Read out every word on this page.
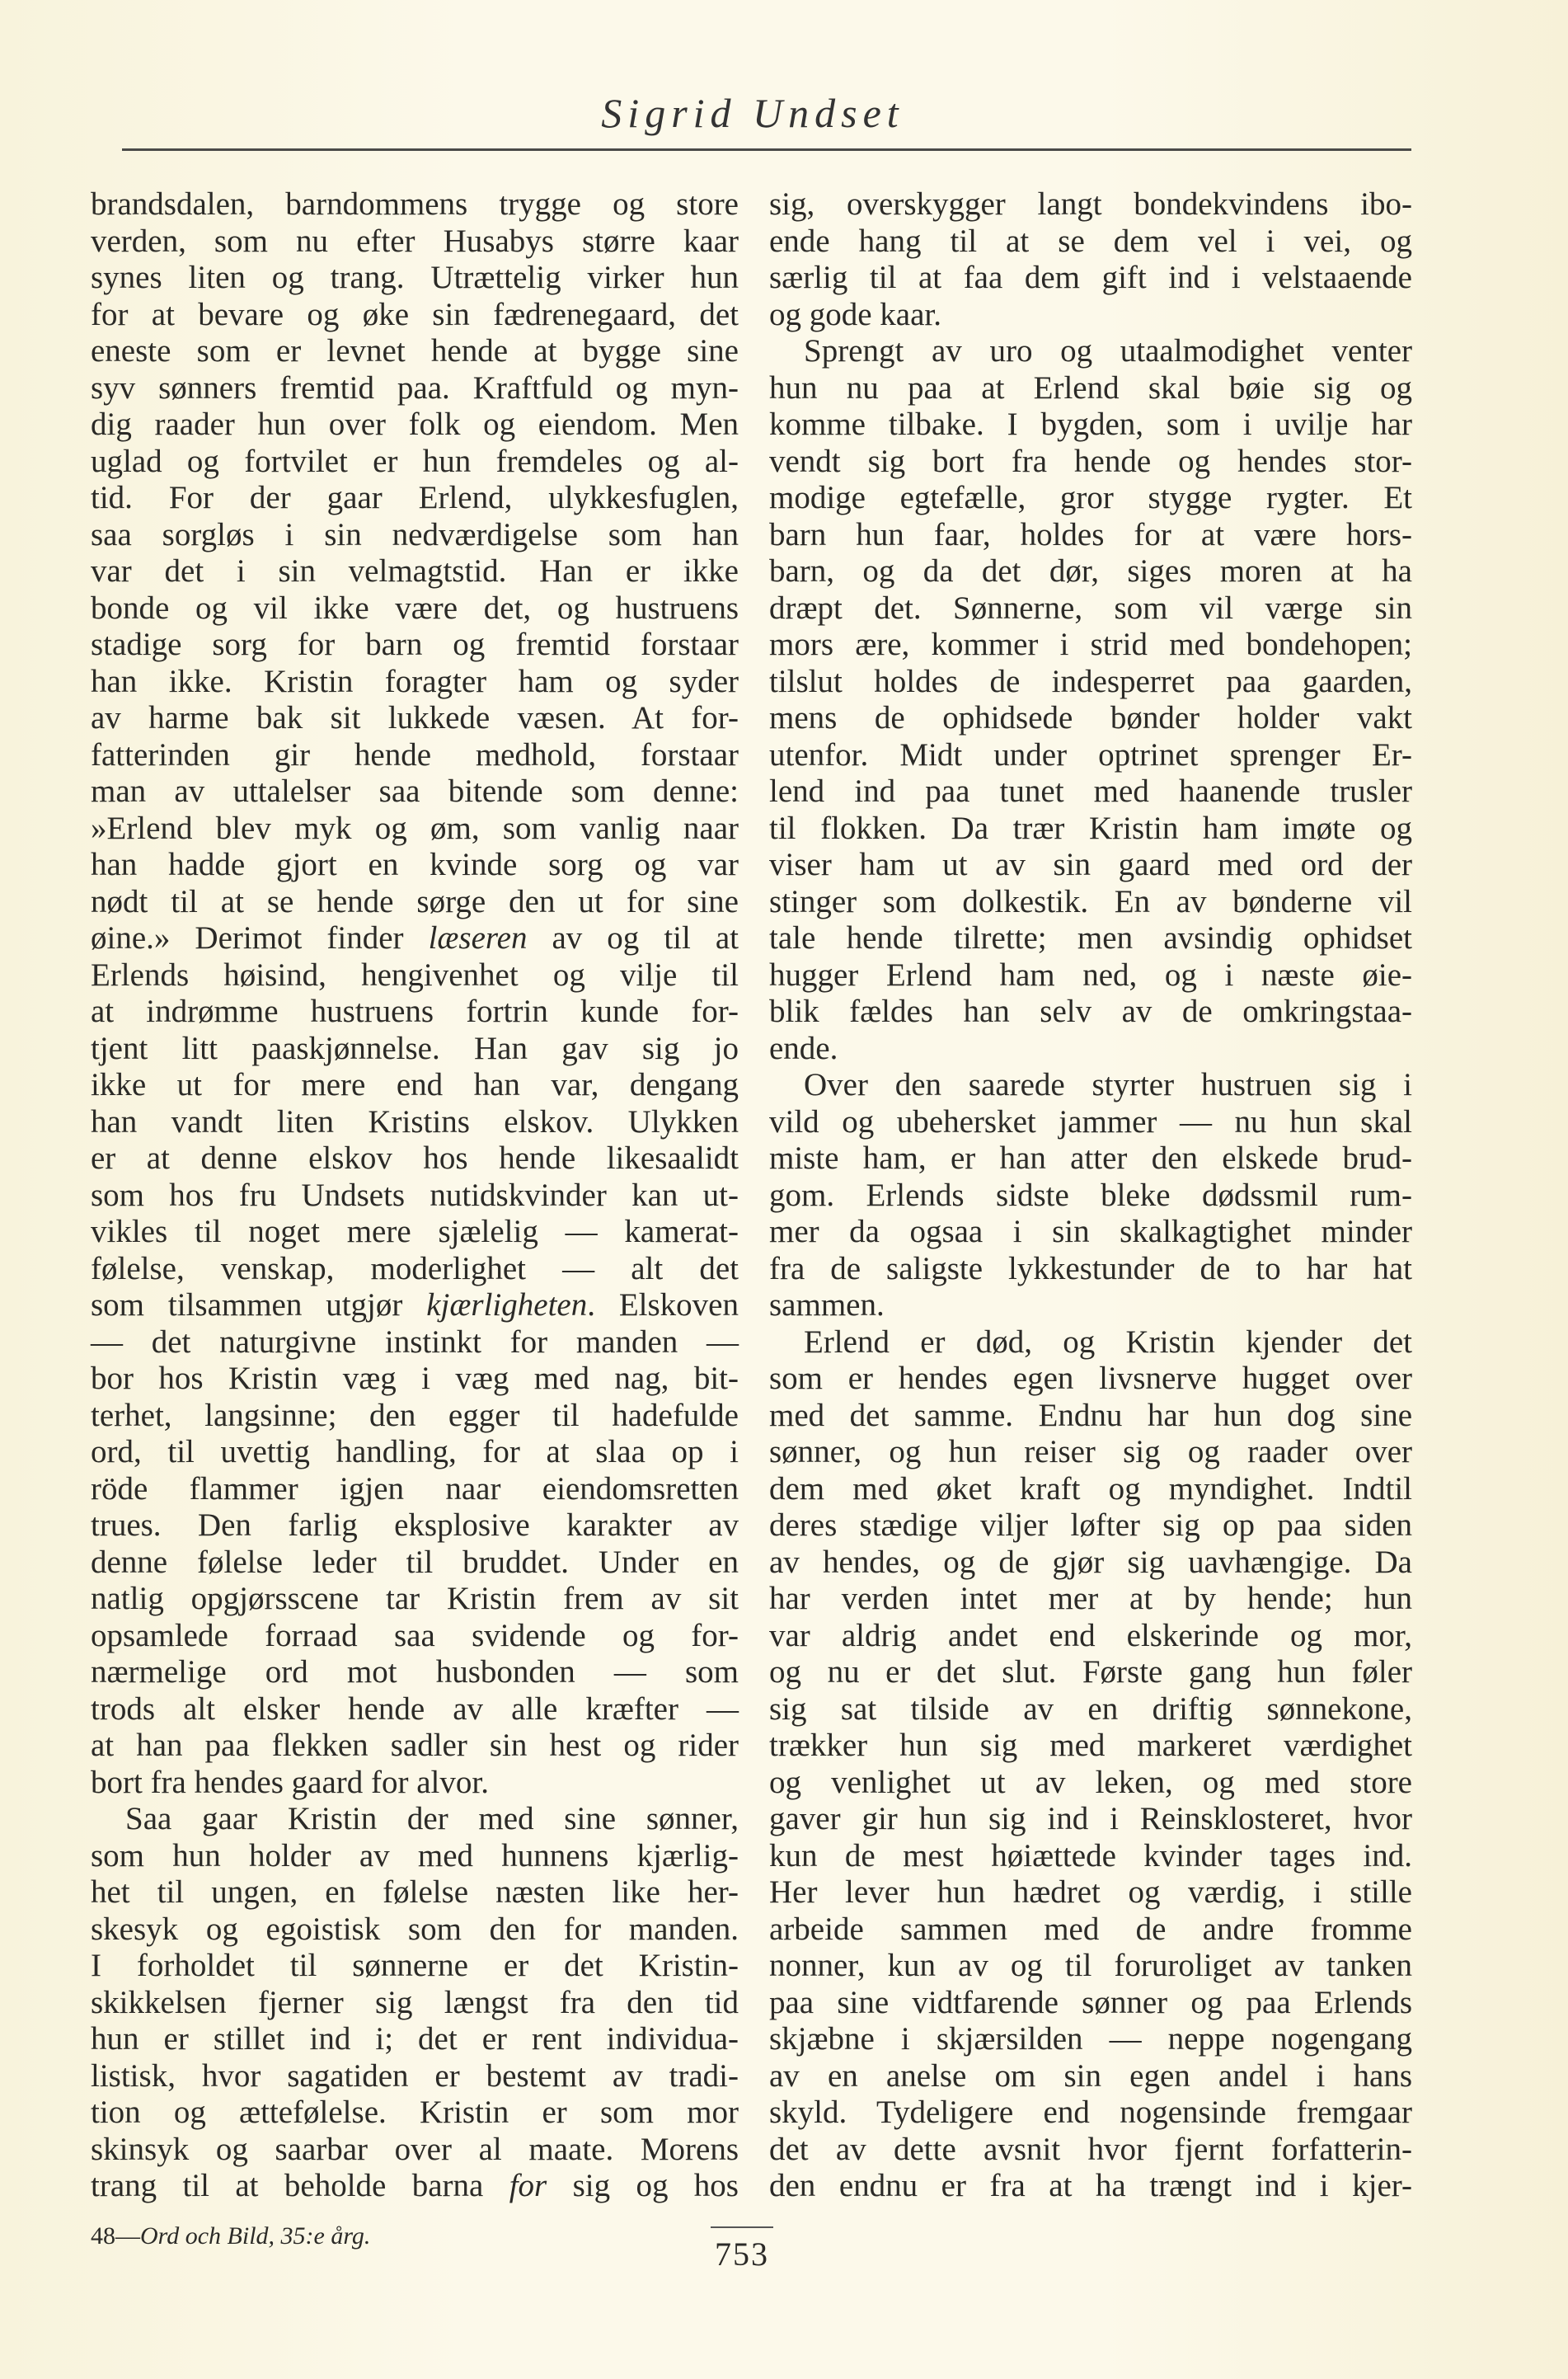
Sigrid Undset
brandsdalen, barndommens trygge og store
verden, som nu efter Husabys større kaar
synes liten og trang. Utrættelig virker hun
for at bevare og øke sin fædrenegaard, det
eneste som er levnet hende at bygge sine
syv sønners fremtid paa. Kraftfuld og myn-
dig raader hun over folk og eiendom. Men
uglad og fortvilet er hun fremdeles og al-
tid. For der gaar Erlend, ulykkesfuglen,
saa sorgløs i sin nedværdigelse som han
var det i sin velmagtstid. Han er ikke
bonde og vil ikke være det, og hustruens
stadige sorg for barn og fremtid forstaar
han ikke. Kristin foragter ham og syder
av harme bak sit lukkede væsen. At for-
fatterinden gir hende medhold, forstaar
man av uttalelser saa bitende som denne:
»Erlend blev myk og øm, som vanlig naar
han hadde gjort en kvinde sorg og var
nødt til at se hende sørge den ut for sine
øine.» Derimot finder læseren av og til at
Erlends høisind, hengivenhet og vilje til
at indrømme hustruens fortrin kunde for-
tjent litt paaskjønnelse. Han gav sig jo
ikke ut for mere end han var, dengang
han vandt liten Kristins elskov. Ulykken
er at denne elskov hos hende likesaalidt
som hos fru Undsets nutidskvinder kan ut-
vikles til noget mere sjælelig — kamerat-
følelse, venskap, moderlighet — alt det
som tilsammen utgjør kjærligheten. Elskoven
— det naturgivne instinkt for manden —
bor hos Kristin væg i væg med nag, bit-
terhet, langsinne; den egger til hadefulde
ord, til uvettig handling, for at slaa op i
röde flammer igjen naar eiendomsretten
trues. Den farlig eksplosive karakter av
denne følelse leder til bruddet. Under en
natlig opgjørsscene tar Kristin frem av sit
opsamlede forraad saa svidende og for-
nærmelige ord mot husbonden — som
trods alt elsker hende av alle kræfter —
at han paa flekken sadler sin hest og rider
bort fra hendes gaard for alvor.
Saa gaar Kristin der med sine sønner,
som hun holder av med hunnens kjærlig-
het til ungen, en følelse næsten like her-
skesyk og egoistisk som den for manden.
I forholdet til sønnerne er det Kristin-
skikkelsen fjerner sig længst fra den tid
hun er stillet ind i; det er rent individua-
listisk, hvor sagatiden er bestemt av tradi-
tion og ættefølelse. Kristin er som mor
skinsyk og saarbar over al maate. Morens
trang til at beholde barna for sig og hos
sig, overskygger langt bondekvindens ibo-
ende hang til at se dem vel i vei, og
særlig til at faa dem gift ind i velstaaende
og gode kaar.
Sprengt av uro og utaalmodighet venter
hun nu paa at Erlend skal bøie sig og
komme tilbake. I bygden, som i uvilje har
vendt sig bort fra hende og hendes stor-
modige egtefælle, gror stygge rygter. Et
barn hun faar, holdes for at være hors-
barn, og da det dør, siges moren at ha
dræpt det. Sønnerne, som vil værge sin
mors ære, kommer i strid med bondehopen;
tilslut holdes de indesperret paa gaarden,
mens de ophidsede bønder holder vakt
utenfor. Midt under optrinet sprenger Er-
lend ind paa tunet med haanende trusler
til flokken. Da trær Kristin ham imøte og
viser ham ut av sin gaard med ord der
stinger som dolkestik. En av bønderne vil
tale hende tilrette; men avsindig ophidset
hugger Erlend ham ned, og i næste øie-
blik fældes han selv av de omkringstaa-
ende.
Over den saarede styrter hustruen sig i
vild og ubehersket jammer — nu hun skal
miste ham, er han atter den elskede brud-
gom. Erlends sidste bleke dødssmil rum-
mer da ogsaa i sin skalkagtighet minder
fra de saligste lykkestunder de to har hat
sammen.
Erlend er død, og Kristin kjender det
som er hendes egen livsnerve hugget over
med det samme. Endnu har hun dog sine
sønner, og hun reiser sig og raader over
dem med øket kraft og myndighet. Indtil
deres stædige viljer løfter sig op paa siden
av hendes, og de gjør sig uavhængige. Da
har verden intet mer at by hende; hun
var aldrig andet end elskerinde og mor,
og nu er det slut. Første gang hun føler
sig sat tilside av en driftig sønnekone,
trækker hun sig med markeret værdighet
og venlighet ut av leken, og med store
gaver gir hun sig ind i Reinsklosteret, hvor
kun de mest høiættede kvinder tages ind.
Her lever hun hædret og værdig, i stille
arbeide sammen med de andre fromme
nonner, kun av og til foruroliget av tanken
paa sine vidtfarende sønner og paa Erlends
skjæbne i skjærsilden — neppe nogengang
av en anelse om sin egen andel i hans
skyld. Tydeligere end nogensinde fremgaar
det av dette avsnit hvor fjernt forfatterin-
den endnu er fra at ha trængt ind i kjer-
48—Ord och Bild, 35:e årg.	753
